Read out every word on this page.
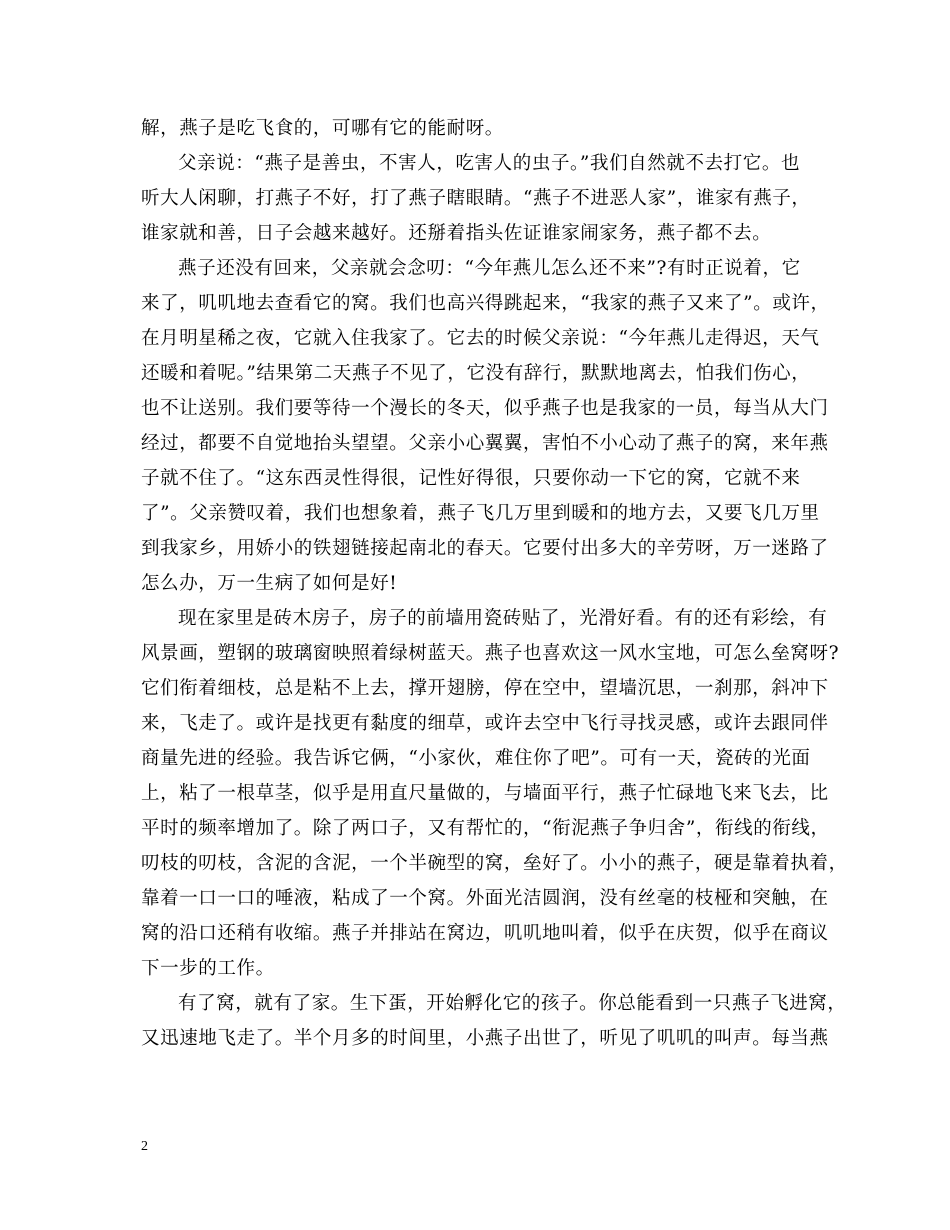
解，燕子是吃飞食的，可哪有它的能耐呀。
父亲说：“燕子是善虫，不害人，吃害人的虫子。”我们自然就不去打它。也
听大人闲聊，打燕子不好，打了燕子瞎眼睛。“燕子不进恶人家”，谁家有燕子，
谁家就和善，日子会越来越好。还掰着指头佐证谁家闹家务，燕子都不去。
燕子还没有回来，父亲就会念叨：“今年燕儿怎么还不来”?有时正说着，它
来了，叽叽地去查看它的窝。我们也高兴得跳起来，“我家的燕子又来了”。或许，
在月明星稀之夜，它就入住我家了。它去的时候父亲说：“今年燕儿走得迟，天气
还暖和着呢。”结果第二天燕子不见了，它没有辞行，默默地离去，怕我们伤心，
也不让送别。我们要等待一个漫长的冬天，似乎燕子也是我家的一员，每当从大门
经过，都要不自觉地抬头望望。父亲小心翼翼，害怕不小心动了燕子的窝，来年燕
子就不住了。“这东西灵性得很，记性好得很，只要你动一下它的窝，它就不来
了”。父亲赞叹着，我们也想象着，燕子飞几万里到暖和的地方去，又要飞几万里
到我家乡，用娇小的铁翅链接起南北的春天。它要付出多大的辛劳呀，万一迷路了
怎么办，万一生病了如何是好!
现在家里是砖木房子，房子的前墙用瓷砖贴了，光滑好看。有的还有彩绘，有
风景画，塑钢的玻璃窗映照着绿树蓝天。燕子也喜欢这一风水宝地，可怎么垒窝呀?
它们衔着细枝，总是粘不上去，撑开翅膀，停在空中，望墙沉思，一刹那，斜冲下
来，飞走了。或许是找更有黏度的细草，或许去空中飞行寻找灵感，或许去跟同伴
商量先进的经验。我告诉它俩，“小家伙，难住你了吧”。可有一天，瓷砖的光面
上，粘了一根草茎，似乎是用直尺量做的，与墙面平行，燕子忙碌地飞来飞去，比
平时的频率增加了。除了两口子，又有帮忙的，“衔泥燕子争归舍”，衔线的衔线，
叨枝的叨枝，含泥的含泥，一个半碗型的窝，垒好了。小小的燕子，硬是靠着执着，
靠着一口一口的唾液，粘成了一个窝。外面光洁圆润，没有丝毫的枝桠和突触，在
窝的沿口还稍有收缩。燕子并排站在窝边，叽叽地叫着，似乎在庆贺，似乎在商议
下一步的工作。
有了窝，就有了家。生下蛋，开始孵化它的孩子。你总能看到一只燕子飞进窝，
又迅速地飞走了。半个月多的时间里，小燕子出世了，听见了叽叽的叫声。每当燕
2
